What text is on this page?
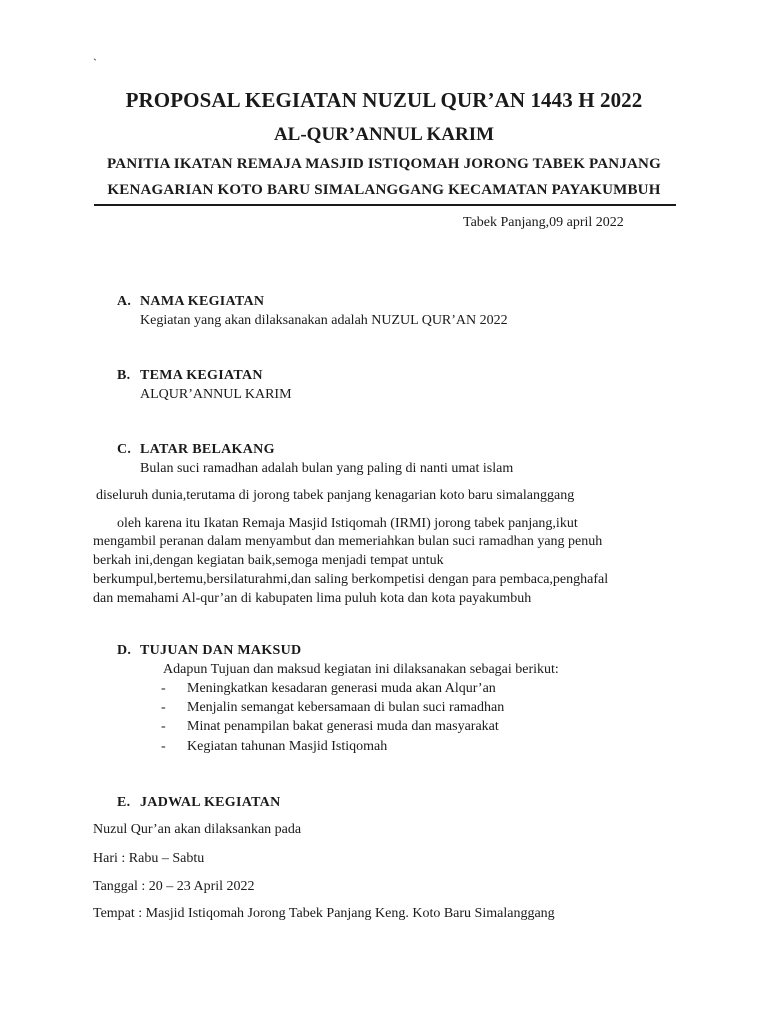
`
PROPOSAL KEGIATAN NUZUL QUR’AN 1443 H 2022
AL-QUR’ANNUL KARIM
PANITIA IKATAN REMAJA MASJID ISTIQOMAH JORONG TABEK PANJANG
KENAGARIAN KOTO BARU SIMALANGGANG KECAMATAN PAYAKUMBUH
Tabek Panjang,09 april 2022
A. NAMA KEGIATAN
Kegiatan yang akan dilaksanakan adalah NUZUL QUR’AN 2022
B. TEMA KEGIATAN
ALQUR’ANNUL KARIM
C. LATAR BELAKANG
Bulan suci ramadhan adalah bulan yang paling di nanti umat islam
diseluruh dunia,terutama di jorong tabek panjang kenagarian koto baru simalanggang
oleh karena itu Ikatan Remaja Masjid Istiqomah (IRMI) jorong tabek panjang,ikut
mengambil peranan dalam menyambut dan memeriahkan bulan suci ramadhan yang penuh
berkah ini,dengan kegiatan baik,semoga menjadi tempat untuk
berkumpul,bertemu,bersilaturahmi,dan saling berkompetisi dengan para pembaca,penghafal
dan memahami Al-qur’an di kabupaten lima puluh kota dan kota payakumbuh
D. TUJUAN DAN MAKSUD
Adapun Tujuan dan maksud kegiatan ini dilaksanakan sebagai berikut:
- Meningkatkan kesadaran generasi muda akan Alqur’an
- Menjalin semangat kebersamaan di bulan suci ramadhan
- Minat penampilan bakat generasi muda dan masyarakat
- Kegiatan tahunan Masjid Istiqomah
E. JADWAL KEGIATAN
Nuzul Qur’an akan dilaksankan pada
Hari : Rabu – Sabtu
Tanggal : 20 – 23 April 2022
Tempat : Masjid Istiqomah Jorong Tabek Panjang Keng. Koto Baru Simalanggang
